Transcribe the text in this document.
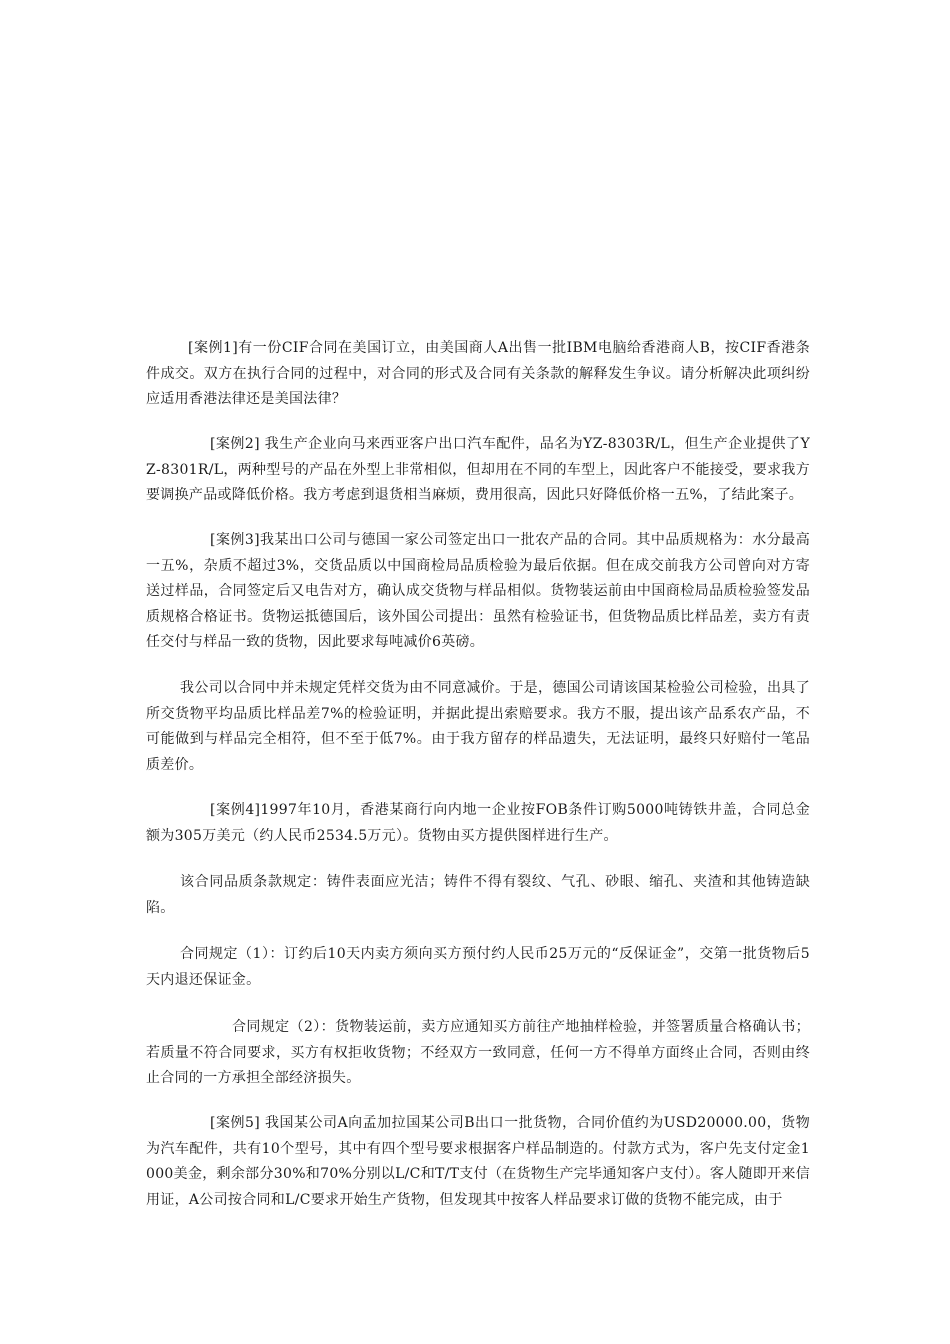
[案例1]有一份CIF合同在美国订立，由美国商人A出售一批IBM电脑给香港商人B，按CIF香港条件成交。双方在执行合同的过程中，对合同的形式及合同有关条款的解释发生争议。请分析解决此项纠纷应适用香港法律还是美国法律？

[案例2] 我生产企业向马来西亚客户出口汽车配件，品名为YZ-8303R/L，但生产企业提供了YZ-8301R/L，两种型号的产品在外型上非常相似，但却用在不同的车型上，因此客户不能接受，要求我方要调换产品或降低价格。我方考虑到退货相当麻烦，费用很高，因此只好降低价格一五%，了结此案子。

[案例3]我某出口公司与德国一家公司签定出口一批农产品的合同。其中品质规格为：水分最高一五%，杂质不超过3%，交货品质以中国商检局品质检验为最后依据。但在成交前我方公司曾向对方寄送过样品，合同签定后又电告对方，确认成交货物与样品相似。货物装运前由中国商检局品质检验签发品质规格合格证书。货物运抵德国后，该外国公司提出：虽然有检验证书，但货物品质比样品差，卖方有责任交付与样品一致的货物，因此要求每吨减价6英磅。

我公司以合同中并未规定凭样交货为由不同意减价。于是，德国公司请该国某检验公司检验，出具了所交货物平均品质比样品差7%的检验证明，并据此提出索赔要求。我方不服，提出该产品系农产品，不可能做到与样品完全相符，但不至于低7%。由于我方留存的样品遗失，无法证明，最终只好赔付一笔品质差价。

[案例4]1997年10月，香港某商行向内地一企业按FOB条件订购5000吨铸铁井盖，合同总金额为305万美元（约人民币2534.5万元）。货物由买方提供图样进行生产。

该合同品质条款规定：铸件表面应光洁；铸件不得有裂纹、气孔、砂眼、缩孔、夹渣和其他铸造缺陷。

合同规定（1）：订约后10天内卖方须向买方预付约人民币25万元的“反保证金”，交第一批货物后5天内退还保证金。

合同规定（2）：货物装运前，卖方应通知买方前往产地抽样检验，并签署质量合格确认书；若质量不符合同要求，买方有权拒收货物；不经双方一致同意，任何一方不得单方面终止合同，否则由终止合同的一方承担全部经济损失。

[案例5] 我国某公司A向孟加拉国某公司B出口一批货物，合同价值约为USD20000.00，货物为汽车配件，共有10个型号，其中有四个型号要求根据客户样品制造的。付款方式为，客户先支付定金1000美金，剩余部分30%和70%分别以L/C和T/T支付（在货物生产完毕通知客户支付）。客人随即开来信用证，A公司按合同和L/C要求开始生产货物，但发现其中按客人样品要求订做的货物不能完成，由于
